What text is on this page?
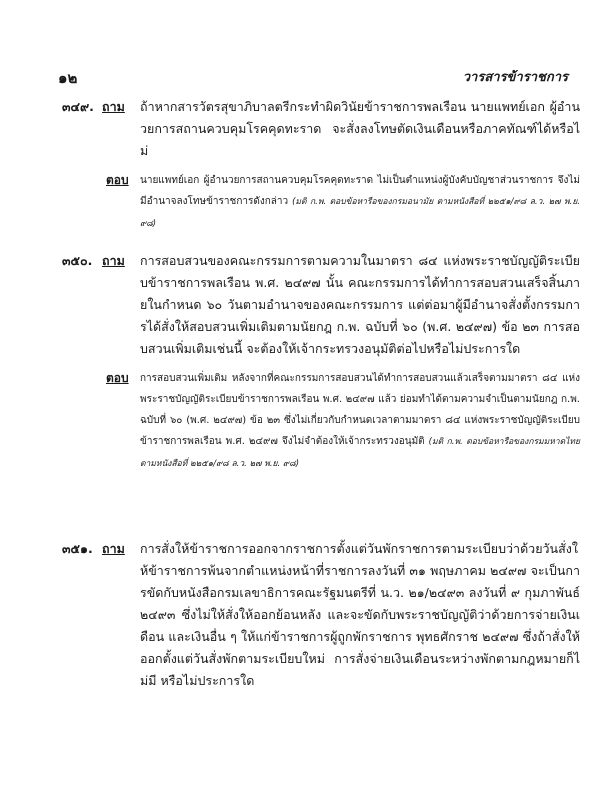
๑๒	วารสารข้าราชการ
๓๔๙. ถาม	ถ้าหากสารวัตรสุขาภิบาลตรีกระทำผิดวินัยข้าราชการพลเรือน นายแพทย์เอก ผู้อำนวยการสถานควบคุมโรคคุดทะราด จะสั่งลงโทษตัดเงินเดือนหรือภาคทัณฑ์ได้หรือไม่
ตอบ	นายแพทย์เอก ผู้อำนวยการสถานควบคุมโรคคุดทะราด ไม่เป็นตำแหน่งผู้บังคับบัญชาส่วนราชการ จึงไม่มีอำนาจลงโทษข้าราชการดังกล่าว (มติ ก.พ. ตอบข้อหารือของกรมอนามัย ตามหนังสือที่ ๒๒๕๑/๙๘ ล.ว. ๒๗ พ.ย. ๙๘)
๓๕๐. ถาม	การสอบสวนของคณะกรรมการตามความในมาตรา ๘๔ แห่งพระราชบัญญัติระเบียบข้าราชการพลเรือน พ.ศ. ๒๔๙๗ นั้น คณะกรรมการได้ทำการสอบสวนเสร็จสิ้นภายในกำหนด ๖๐ วันตามอำนาจของคณะกรรมการ แต่ต่อมาผู้มีอำนาจสั่งตั้งกรรมการได้สั่งให้สอบสวนเพิ่มเติมตามนัยกฎ ก.พ. ฉบับที่ ๖๐ (พ.ศ. ๒๔๙๗) ข้อ ๒๓ การสอบสวนเพิ่มเติมเช่นนี้ จะต้องให้เจ้ากระทรวงอนุมัติต่อไปหรือไม่ประการใด
ตอบ	การสอบสวนเพิ่มเติม หลังจากที่คณะกรรมการสอบสวนได้ทำการสอบสวนแล้วเสร็จตามมาตรา ๘๔ แห่งพระราชบัญญัติระเบียบข้าราชการพลเรือน พ.ศ. ๒๔๙๗ แล้ว ย่อมทำได้ตามความจำเป็นตามนัยกฎ ก.พ. ฉบับที่ ๖๐ (พ.ศ. ๒๔๙๗) ข้อ ๒๓ ซึ่งไม่เกี่ยวกับกำหนดเวลาตามมาตรา ๘๔ แห่งพระราชบัญญัติระเบียบข้าราชการพลเรือน พ.ศ. ๒๔๙๗ จึงไม่จำต้องให้เจ้ากระทรวงอนุมัติ (มติ ก.พ. ตอบข้อหารือของกรมมหาดไทย ตามหนังสือที่ ๒๒๕๑/๙๘ ล.ว. ๒๗ พ.ย. ๙๘)
๓๕๑. ถาม	การสั่งให้ข้าราชการออกจากราชการตั้งแต่วันพักราชการตามระเบียบว่าด้วยวันสั่งให้ข้าราชการพ้นจากตำแหน่งหน้าที่ราชการลงวันที่ ๓๑ พฤษภาคม ๒๔๙๗ จะเป็นการขัดกับหนังสือกรมเลขาธิการคณะรัฐมนตรีที่ น.ว. ๒๑/๒๔๙๓ ลงวันที่ ๙ กุมภาพันธ์ ๒๔๙๓ ซึ่งไม่ให้สั่งให้ออกย้อนหลัง และจะขัดกับพระราชบัญญัติว่าด้วยการจ่ายเงินเดือน และเงินอื่น ๆ ให้แก่ข้าราชการผู้ถูกพักราชการ พุทธศักราช ๒๔๙๗ ซึ่งถ้าสั่งให้ออกตั้งแต่วันสั่งพักตามระเบียบใหม่ การสั่งจ่ายเงินเดือนระหว่างพักตามกฎหมายก็ไม่มี หรือไม่ประการใด
